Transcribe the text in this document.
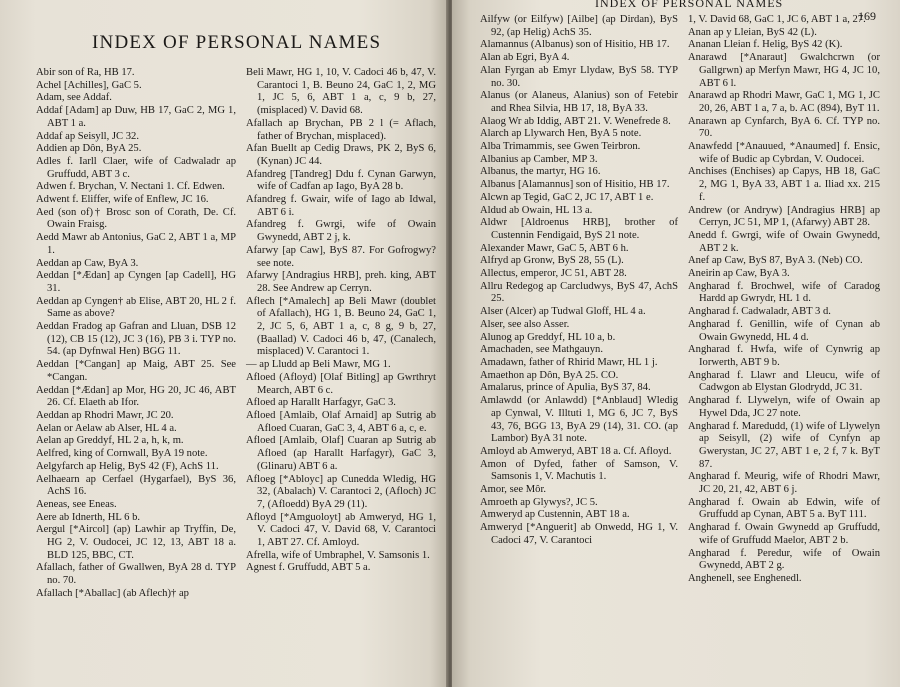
INDEX OF PERSONAL NAMES

Abir son of Ra, HB 17.

Achel [Achilles], GaC 5.

Adam, see Addaf.

Addaf [Adam] ap Duw, HB 17, GaC 2, MG 1, ABT 1 a.

Addaf ap Seisyll, JC 32.

Addien ap Dôn, ByA 25.

Adles f. Iarll Claer, wife of Cadwaladr ap Gruffudd, ABT 3 c.

Adwen f. Brychan, V. Nectani 1. Cf. Edwen.

Adwent f. Eliffer, wife of Enflew, JC 16.

Aed (son of)† Brosc son of Corath, De. Cf. Owain Fraisg.

Aedd Mawr ab Antonius, GaC 2, ABT 1 a, MP 1.

Aeddan ap Caw, ByA 3.

Aeddan [*Ædan] ap Cyngen [ap Cadell], HG 31.

Aeddan ap Cyngen† ab Elise, ABT 20, HL 2 f. Same as above?

Aeddan Fradog ap Gafran and Lluan, DSB 12 (12), CB 15 (12), JC 3 (16), PB 3 i. TYP no. 54. (ap Dyfnwal Hen) BGG 11.

Aeddan [*Cangan] ap Maig, ABT 25. See *Cangan.

Aeddan [*Ædan] ap Mor, HG 20, JC 46, ABT 26. Cf. Elaeth ab Ifor.

Aeddan ap Rhodri Mawr, JC 20.

Aelan or Aelaw ab Alser, HL 4 a.

Aelan ap Greddyf, HL 2 a, h, k, m.

Aelfred, king of Cornwall, ByA 19 note.

Aelgyfarch ap Helig, ByS 42 (F), AchS 11.

Aelhaearn ap Cerfael (Hygarfael), ByS 36, AchS 16.

Aeneas, see Eneas.

Aere ab Idnerth, HL 6 b.

Aergul [*Aircol] (ap) Lawhir ap Tryffin, De, HG 2, V. Oudocei, JC 12, 13, ABT 18 a. BLD 125, BBC, CT.

Afallach, father of Gwallwen, ByA 28 d. TYP no. 70.

Afallach [*Aballac] (ab Aflech)† ap

Beli Mawr, HG 1, 10, V. Cadoci 46 b, 47, V. Carantoci 1, B. Beuno 24, GaC 1, 2, MG 1, JC 5, 6, ABT 1 a, c, 9 b, 27, (misplaced) V. David 68.

Afallach ap Brychan, PB 2 l (= Aflach, father of Brychan, misplaced).

Afan Buellt ap Cedig Draws, PK 2, ByS 6, (Kynan) JC 44.

Afandreg [Tandreg] Ddu f. Cynan Garwyn, wife of Cadfan ap Iago, ByA 28 b.

Afandreg f. Gwair, wife of Iago ab Idwal, ABT 6 i.

Afandreg f. Gwrgi, wife of Owain Gwynedd, ABT 2 j, k.

Afarwy [ap Caw], ByS 87. For Gofrogwy? see note.

Afarwy [Andragius HRB], preh. king, ABT 28. See Andrew ap Cerryn.

Aflech [*Amalech] ap Beli Mawr (doublet of Afallach), HG 1, B. Beuno 24, GaC 1, 2, JC 5, 6, ABT 1 a, c, 8 g, 9 b, 27, (Baallad) V. Cadoci 46 b, 47, (Canalech, misplaced) V. Carantoci 1.

— ap Lludd ap Beli Mawr, MG 1.

Afloed (Afloyd) [Olaf Bitling] ap Gwrthryt Mearch, ABT 6 c.

Afloed ap Harallt Harfagyr, GaC 3.

Afloed [Amlaib, Olaf Arnaid] ap Sutrig ab Afloed Cuaran, GaC 3, 4, ABT 6 a, c, e.

Afloed [Amlaib, Olaf] Cuaran ap Sutrig ab Afloed (ap Harallt Harfagyr), GaC 3, (Glinaru) ABT 6 a.

Afloeg [*Abloyc] ap Cunedda Wledig, HG 32, (Abalach) V. Carantoci 2, (Afloch) JC 7, (Afloedd) ByA 29 (11).

Afloyd [*Amguoloyt] ab Amweryd, HG 1, V. Cadoci 47, V. David 68, V. Carantoci 1, ABT 27. Cf. Amloyd.

Afrella, wife of Umbraphel, V. Samsonis 1.

Agnest f. Gruffudd, ABT 5 a.

INDEX OF PERSONAL NAMES
169

Ailfyw (or Eilfyw) [Ailbe] (ap Dirdan), ByS 92, (ap Helig) AchS 35.

Alamannus (Albanus) son of Hisitio, HB 17.

Alan ab Egri, ByA 4.

Alan Fyrgan ab Emyr Llydaw, ByS 58. TYP no. 30.

Alanus (or Alaneus, Alanius) son of Fetebir and Rhea Silvia, HB 17, 18, ByA 33.

Alaog Wr ab Iddig, ABT 21. V. Wenefrede 8.

Alarch ap Llywarch Hen, ByA 5 note.

Alba Trimammis, see Gwen Teirbron.

Albanius ap Camber, MP 3.

Albanus, the martyr, HG 16.

Albanus [Alamannus] son of Hisitio, HB 17.

Alcwn ap Tegid, GaC 2, JC 17, ABT 1 e.

Aldud ab Owain, HL 13 a.

Aldwr [Aldroenus HRB], brother of Custennin Fendigaid, ByS 21 note.

Alexander Mawr, GaC 5, ABT 6 h.

Alfryd ap Gronw, ByS 28, 55 (L).

Allectus, emperor, JC 51, ABT 28.

Allru Redegog ap Carcludwys, ByS 47, AchS 25.

Alser (Alcer) ap Tudwal Gloff, HL 4 a.

Alser, see also Asser.

Alunog ap Greddyf, HL 10 a, b.

Amachaden, see Mathgauyn.

Amadawn, father of Rhirid Mawr, HL 1 j.

Amaethon ap Dôn, ByA 25. CO.

Amalarus, prince of Apulia, ByS 37, 84.

Amlawdd (or Anlawdd) [*Anblaud] Wledig ap Cynwal, V. Illtuti 1, MG 6, JC 7, ByS 43, 76, BGG 13, ByA 29 (14), 31. CO. (ap Lambor) ByA 31 note.

Amloyd ab Amweryd, ABT 18 a. Cf. Afloyd.

Amon of Dyfed, father of Samson, V. Samsonis 1, V. Machutis 1.

Amor, see Môr.

Amroeth ap Glywys?, JC 5.

Amweryd ap Custennin, ABT 18 a.

Amweryd [*Anguerit] ab Onwedd, HG 1, V. Cadoci 47, V. Carantoci

1, V. David 68, GaC 1, JC 6, ABT 1 a, 27.

Anan ap y Lleian, ByS 42 (L).

Ananan Lleian f. Helig, ByS 42 (K).

Anarawd [*Anaraut] Gwalchcrwn (or Gallgrwn) ap Merfyn Mawr, HG 4, JC 10, ABT 6 l.

Anarawd ap Rhodri Mawr, GaC 1, MG 1, JC 20, 26, ABT 1 a, 7 a, b. AC (894), ByT 11.

Anarawn ap Cynfarch, ByA 6. Cf. TYP no. 70.

Anawfedd [*Anauued, *Anaumed] f. Ensic, wife of Budic ap Cybrdan, V. Oudocei.

Anchises (Enchises) ap Capys, HB 18, GaC 2, MG 1, ByA 33, ABT 1 a. Iliad xx. 215 f.

Andrew (or Andryw) [Andragius HRB] ap Cerryn, JC 51, MP 1, (Afarwy) ABT 28.

Anedd f. Gwrgi, wife of Owain Gwynedd, ABT 2 k.

Anef ap Caw, ByS 87, ByA 3. (Neb) CO.

Aneirin ap Caw, ByA 3.

Angharad f. Brochwel, wife of Caradog Hardd ap Gwrydr, HL 1 d.

Angharad f. Cadwaladr, ABT 3 d.

Angharad f. Genillin, wife of Cynan ab Owain Gwynedd, HL 4 d.

Angharad f. Hwfa, wife of Cynwrig ap Iorwerth, ABT 9 b.

Angharad f. Llawr and Lleucu, wife of Cadwgon ab Elystan Glodrydd, JC 31.

Angharad f. Llywelyn, wife of Owain ap Hywel Dda, JC 27 note.

Angharad f. Maredudd, (1) wife of Llywelyn ap Seisyll, (2) wife of Cynfyn ap Gwerystan, JC 27, ABT 1 e, 2 f, 7 k. ByT 87.

Angharad f. Meurig, wife of Rhodri Mawr, JC 20, 21, 42, ABT 6 j.

Angharad f. Owain ab Edwin, wife of Gruffudd ap Cynan, ABT 5 a. ByT 111.

Angharad f. Owain Gwynedd ap Gruffudd, wife of Gruffudd Maelor, ABT 2 b.

Angharad f. Peredur, wife of Owain Gwynedd, ABT 2 g.

Anghenell, see Enghenedl.
